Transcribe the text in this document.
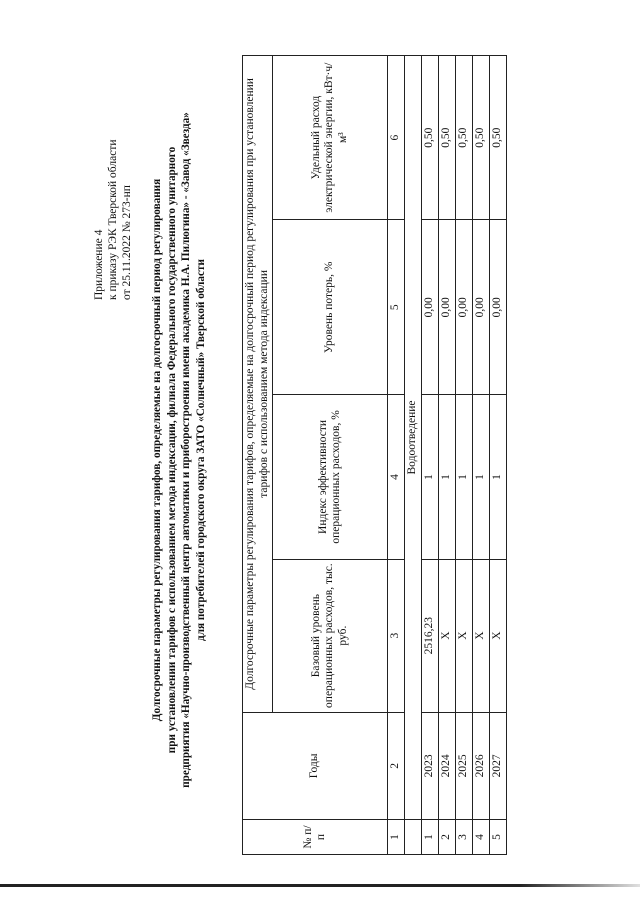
Приложение 4 к приказу РЭК Тверской области от 25.11.2022 № 273-нп Долгосрочные параметры регулирования тарифов, определяемые на долгосрочный период регулирования при установлении тарифов с использованием метода индексации, филиала Федерального государственного унитарного предприятия «Научно-производственный центр автоматики и приборостроения имени академика Н.А. Пилюгина» - «Завод «Звезда» для потребителей городского округа ЗАТО «Солнечный» Тверской области
№ п/п	Годы	Долгосрочные параметры регулирования тарифов, определяемые на долгосрочный период регулирования при установлении тарифов с использованием метода индексации			
		Базовый уровень операционных расходов, тыс. руб.	Индекс эффективности операционных расходов, %	Уровень потерь, %	Удельный расход электрической энергии, кВт·ч/м³
1	2	3	4	5	6
	Водоотведение				
1	2023	2516,23	1	0,00	0,50
2	2024	Х	1	0,00	0,50
3	2025	Х	1	0,00	0,50
4	2026	Х	1	0,00	0,50
5	2027	Х	1	0,00	0,50
